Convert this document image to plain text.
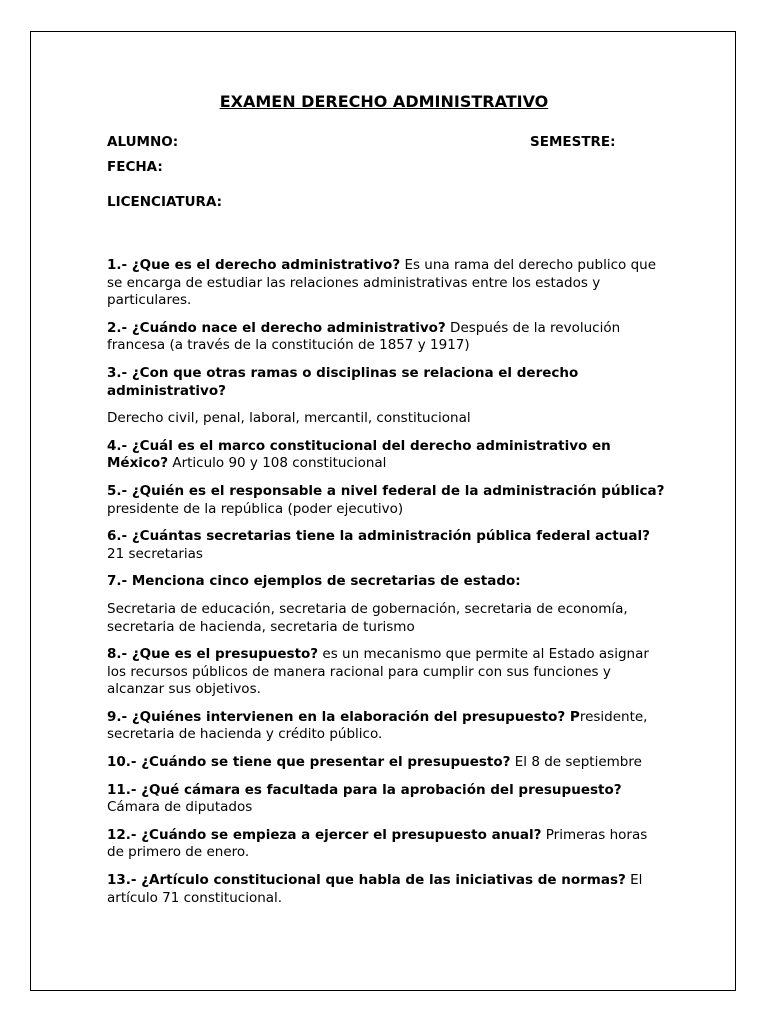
EXAMEN DERECHO ADMINISTRATIVO
ALUMNO:	SEMESTRE:
FECHA:
LICENCIATURA:

1.- ¿Que es el derecho administrativo? Es una rama del derecho publico que se encarga de estudiar las relaciones administrativas entre los estados y particulares.

2.- ¿Cuándo nace el derecho administrativo? Después de la revolución francesa (a través de la constitución de 1857 y 1917)

3.- ¿Con que otras ramas o disciplinas se relaciona el derecho administrativo?

Derecho civil, penal, laboral, mercantil, constitucional

4.- ¿Cuál es el marco constitucional del derecho administrativo en México? Articulo 90 y 108 constitucional

5.- ¿Quién es el responsable a nivel federal de la administración pública? presidente de la república (poder ejecutivo)

6.- ¿Cuántas secretarias tiene la administración pública federal actual? 21 secretarias

7.- Menciona cinco ejemplos de secretarias de estado:

Secretaria de educación, secretaria de gobernación, secretaria de economía, secretaria de hacienda, secretaria de turismo

8.- ¿Que es el presupuesto? es un mecanismo que permite al Estado asignar los recursos públicos de manera racional para cumplir con sus funciones y alcanzar sus objetivos.

9.- ¿Quiénes intervienen en la elaboración del presupuesto? Presidente, secretaria de hacienda y crédito público.

10.- ¿Cuándo se tiene que presentar el presupuesto? El 8 de septiembre

11.- ¿Qué cámara es facultada para la aprobación del presupuesto? Cámara de diputados

12.- ¿Cuándo se empieza a ejercer el presupuesto anual? Primeras horas de primero de enero.

13.- ¿Artículo constitucional que habla de las iniciativas de normas? El artículo 71 constitucional.
